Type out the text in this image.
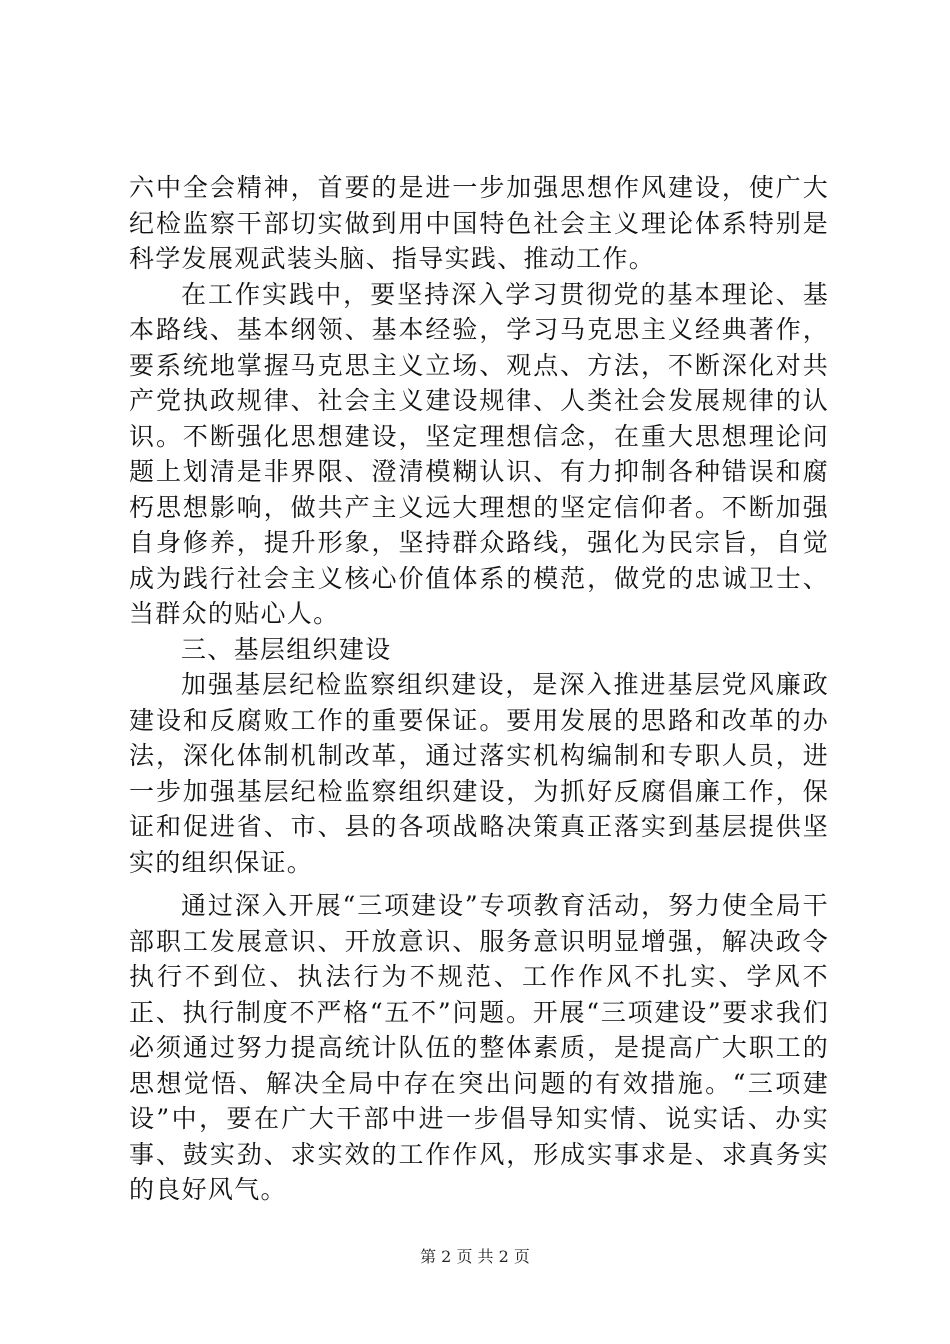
六中全会精神，首要的是进一步加强思想作风建设，使广大纪检监察干部切实做到用中国特色社会主义理论体系特别是科学发展观武装头脑、指导实践、推动工作。

在工作实践中，要坚持深入学习贯彻党的基本理论、基本路线、基本纲领、基本经验，学习马克思主义经典著作，要系统地掌握马克思主义立场、观点、方法，不断深化对共产党执政规律、社会主义建设规律、人类社会发展规律的认识。不断强化思想建设，坚定理想信念，在重大思想理论问题上划清是非界限、澄清模糊认识、有力抑制各种错误和腐朽思想影响，做共产主义远大理想的坚定信仰者。不断加强自身修养，提升形象，坚持群众路线，强化为民宗旨，自觉成为践行社会主义核心价值体系的模范，做党的忠诚卫士、当群众的贴心人。

三、基层组织建设

加强基层纪检监察组织建设，是深入推进基层党风廉政建设和反腐败工作的重要保证。要用发展的思路和改革的办法，深化体制机制改革，通过落实机构编制和专职人员，进一步加强基层纪检监察组织建设，为抓好反腐倡廉工作，保证和促进省、市、县的各项战略决策真正落实到基层提供坚实的组织保证。

通过深入开展“三项建设”专项教育活动，努力使全局干部职工发展意识、开放意识、服务意识明显增强，解决政令执行不到位、执法行为不规范、工作作风不扎实、学风不正、执行制度不严格“五不”问题。开展“三项建设”要求我们必须通过努力提高统计队伍的整体素质，是提高广大职工的思想觉悟、解决全局中存在突出问题的有效措施。“三项建设”中，要在广大干部中进一步倡导知实情、说实话、办实事、鼓实劲、求实效的工作作风，形成实事求是、求真务实的良好风气。

第 2 页 共 2 页
